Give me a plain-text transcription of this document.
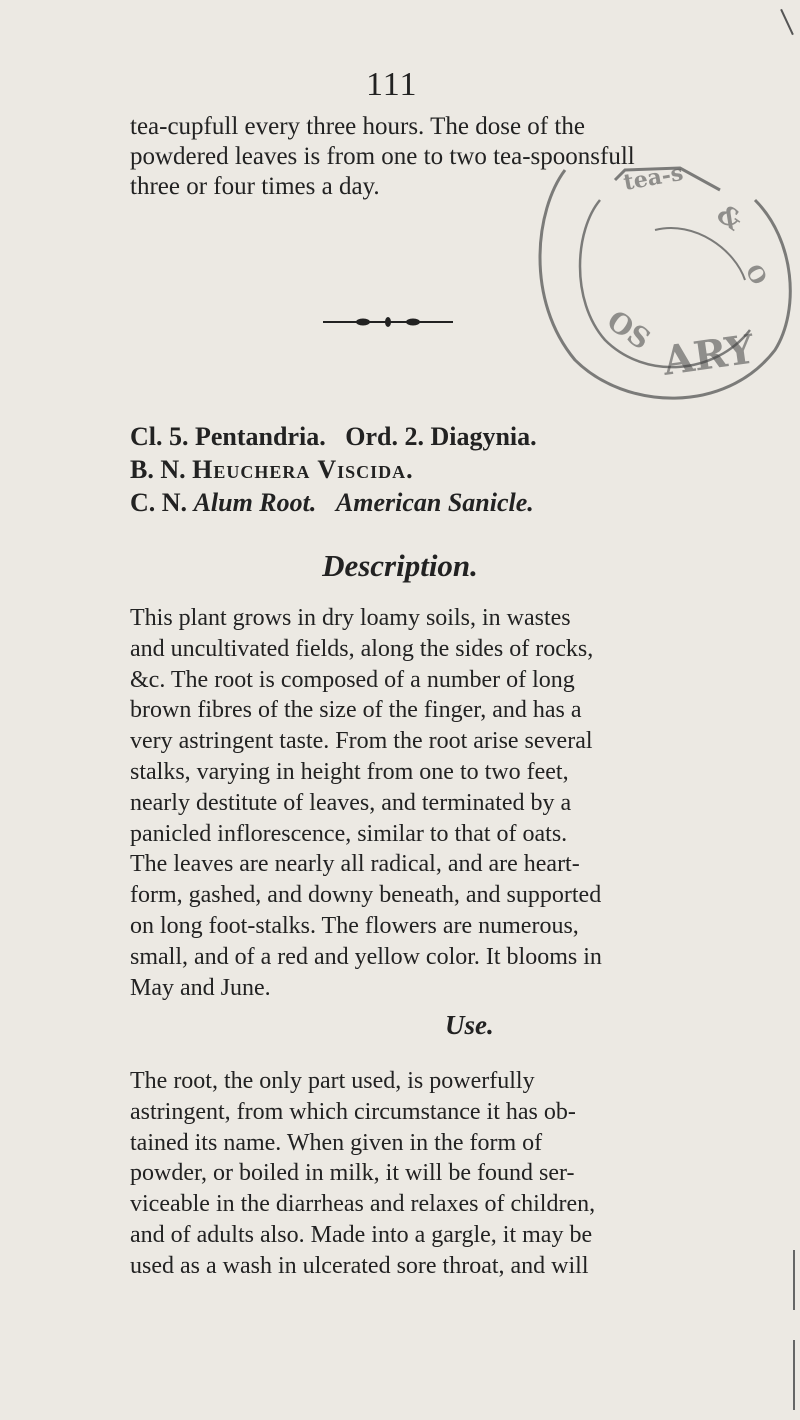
111
tea-cupfull every three hours. The dose of the
powdered leaves is from one to two tea-spoonsfull
three or four times a day.	tea-s
&
O
OS ARY
Cl. 5. Pentandria. Ord. 2. Diagynia.
B. N. Heuchera Viscida.
C. N. Alum Root. American Sanicle.
Description.
This plant grows in dry loamy soils, in wastes
and uncultivated fields, along the sides of rocks,
&c. The root is composed of a number of long
brown fibres of the size of the finger, and has a
very astringent taste. From the root arise several
stalks, varying in height from one to two feet,
nearly destitute of leaves, and terminated by a
panicled inflorescence, similar to that of oats.
The leaves are nearly all radical, and are heart-
form, gashed, and downy beneath, and supported
on long foot-stalks. The flowers are numerous,
small, and of a red and yellow color. It blooms in
May and June.
Use.
The root, the only part used, is powerfully
astringent, from which circumstance it has ob-
tained its name. When given in the form of
powder, or boiled in milk, it will be found ser-
viceable in the diarrheas and relaxes of children,
and of adults also. Made into a gargle, it may be
used as a wash in ulcerated sore throat, and will
